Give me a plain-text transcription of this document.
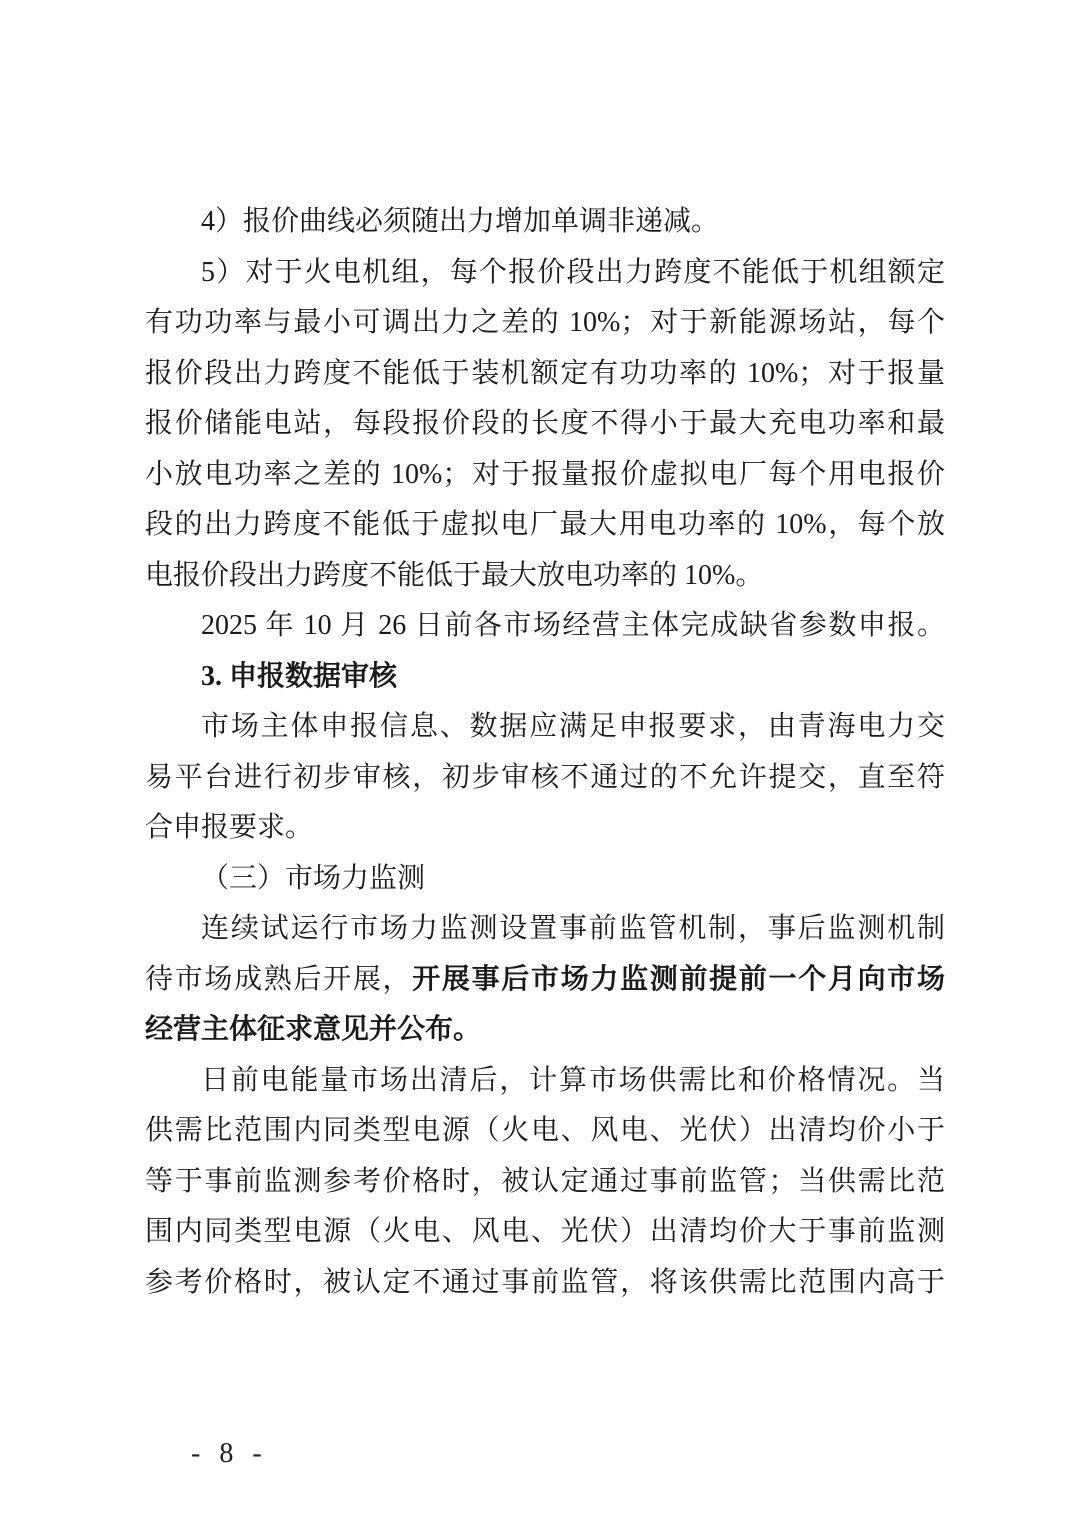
4）报价曲线必须随出力增加单调非递减。
5）对于火电机组，每个报价段出力跨度不能低于机组额定
有功功率与最小可调出力之差的 10%；对于新能源场站，每个
报价段出力跨度不能低于装机额定有功功率的 10%；对于报量
报价储能电站，每段报价段的长度不得小于最大充电功率和最
小放电功率之差的 10%；对于报量报价虚拟电厂每个用电报价
段的出力跨度不能低于虚拟电厂最大用电功率的 10%，每个放
电报价段出力跨度不能低于最大放电功率的 10%。
2025 年 10 月 26 日前各市场经营主体完成缺省参数申报。
3. 申报数据审核
市场主体申报信息、数据应满足申报要求，由青海电力交
易平台进行初步审核，初步审核不通过的不允许提交，直至符
合申报要求。
（三）市场力监测
连续试运行市场力监测设置事前监管机制，事后监测机制
待市场成熟后开展，开展事后市场力监测前提前一个月向市场
经营主体征求意见并公布。
日前电能量市场出清后，计算市场供需比和价格情况。当
供需比范围内同类型电源（火电、风电、光伏）出清均价小于
等于事前监测参考价格时，被认定通过事前监管；当供需比范
围内同类型电源（火电、风电、光伏）出清均价大于事前监测
参考价格时，被认定不通过事前监管，将该供需比范围内高于
- 8 -
